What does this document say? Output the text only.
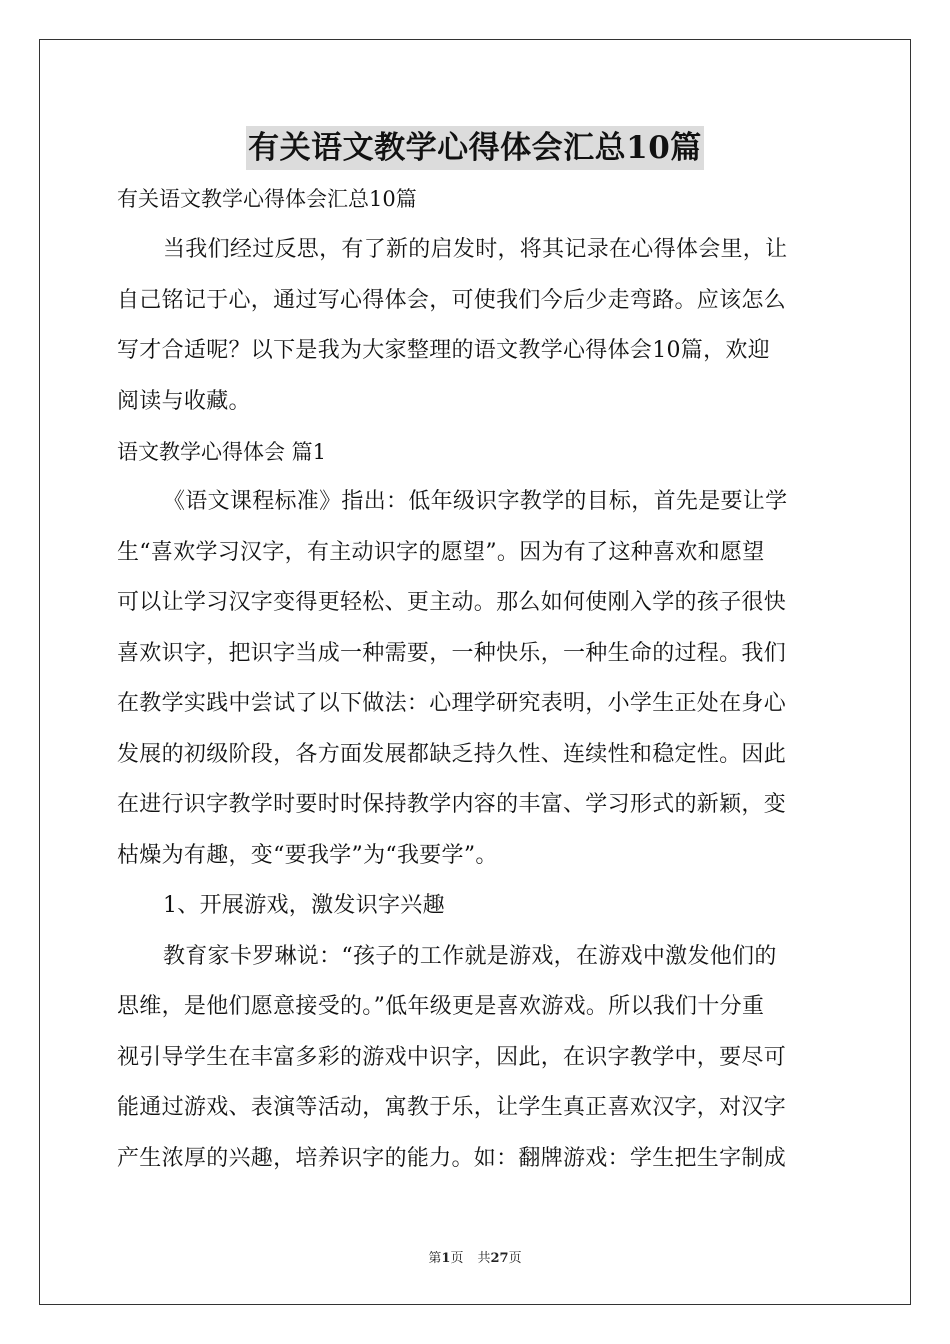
有关语文教学心得体会汇总10篇
有关语文教学心得体会汇总10篇
当我们经过反思，有了新的启发时，将其记录在心得体会里，让
自己铭记于心，通过写心得体会，可使我们今后少走弯路。应该怎么
写才合适呢？以下是我为大家整理的语文教学心得体会10篇，欢迎
阅读与收藏。
语文教学心得体会 篇1
《语文课程标准》指出：低年级识字教学的目标，首先是要让学
生“喜欢学习汉字，有主动识字的愿望”。因为有了这种喜欢和愿望
可以让学习汉字变得更轻松、更主动。那么如何使刚入学的孩子很快
喜欢识字，把识字当成一种需要，一种快乐，一种生命的过程。我们
在教学实践中尝试了以下做法：心理学研究表明，小学生正处在身心
发展的初级阶段，各方面发展都缺乏持久性、连续性和稳定性。因此
在进行识字教学时要时时保持教学内容的丰富、学习形式的新颖，变
枯燥为有趣，变“要我学”为“我要学”。
1、开展游戏，激发识字兴趣
教育家卡罗琳说：“孩子的工作就是游戏，在游戏中激发他们的
思维，是他们愿意接受的。”低年级更是喜欢游戏。所以我们十分重
视引导学生在丰富多彩的游戏中识字，因此，在识字教学中，要尽可
能通过游戏、表演等活动，寓教于乐，让学生真正喜欢汉字，对汉字
产生浓厚的兴趣，培养识字的能力。如：翻牌游戏：学生把生字制成
第1页 共27页
